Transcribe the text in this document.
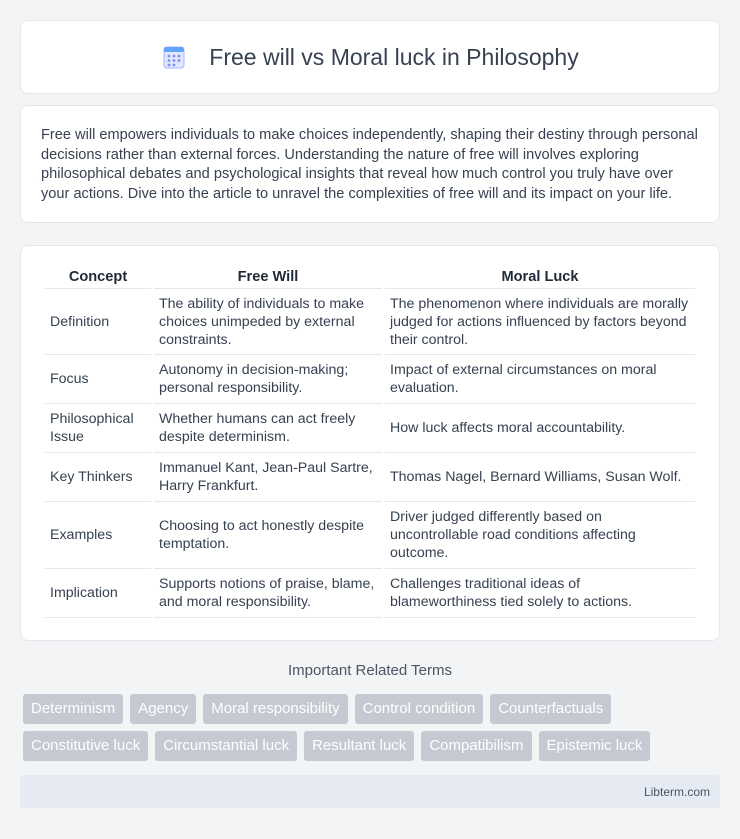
Free will vs Moral luck in Philosophy

Free will empowers individuals to make choices independently, shaping their destiny through personal decisions rather than external forces. Understanding the nature of free will involves exploring philosophical debates and psychological insights that reveal how much control you truly have over your actions. Dive into the article to unravel the complexities of free will and its impact on your life.

Concept	Free Will	Moral Luck
Definition	The ability of individuals to make choices unimpeded by external constraints.	The phenomenon where individuals are morally judged for actions influenced by factors beyond their control.
Focus	Autonomy in decision-making; personal responsibility.	Impact of external circumstances on moral evaluation.
Philosophical Issue	Whether humans can act freely despite determinism.	How luck affects moral accountability.
Key Thinkers	Immanuel Kant, Jean-Paul Sartre, Harry Frankfurt.	Thomas Nagel, Bernard Williams, Susan Wolf.
Examples	Choosing to act honestly despite temptation.	Driver judged differently based on uncontrollable road conditions affecting outcome.
Implication	Supports notions of praise, blame, and moral responsibility.	Challenges traditional ideas of blameworthiness tied solely to actions.
Important Related Terms
Determinism	Agency	Moral responsibility	Control condition	Counterfactuals
Constitutive luck	Circumstantial luck	Resultant luck	Compatibilism	Epistemic luck
Libterm.com
